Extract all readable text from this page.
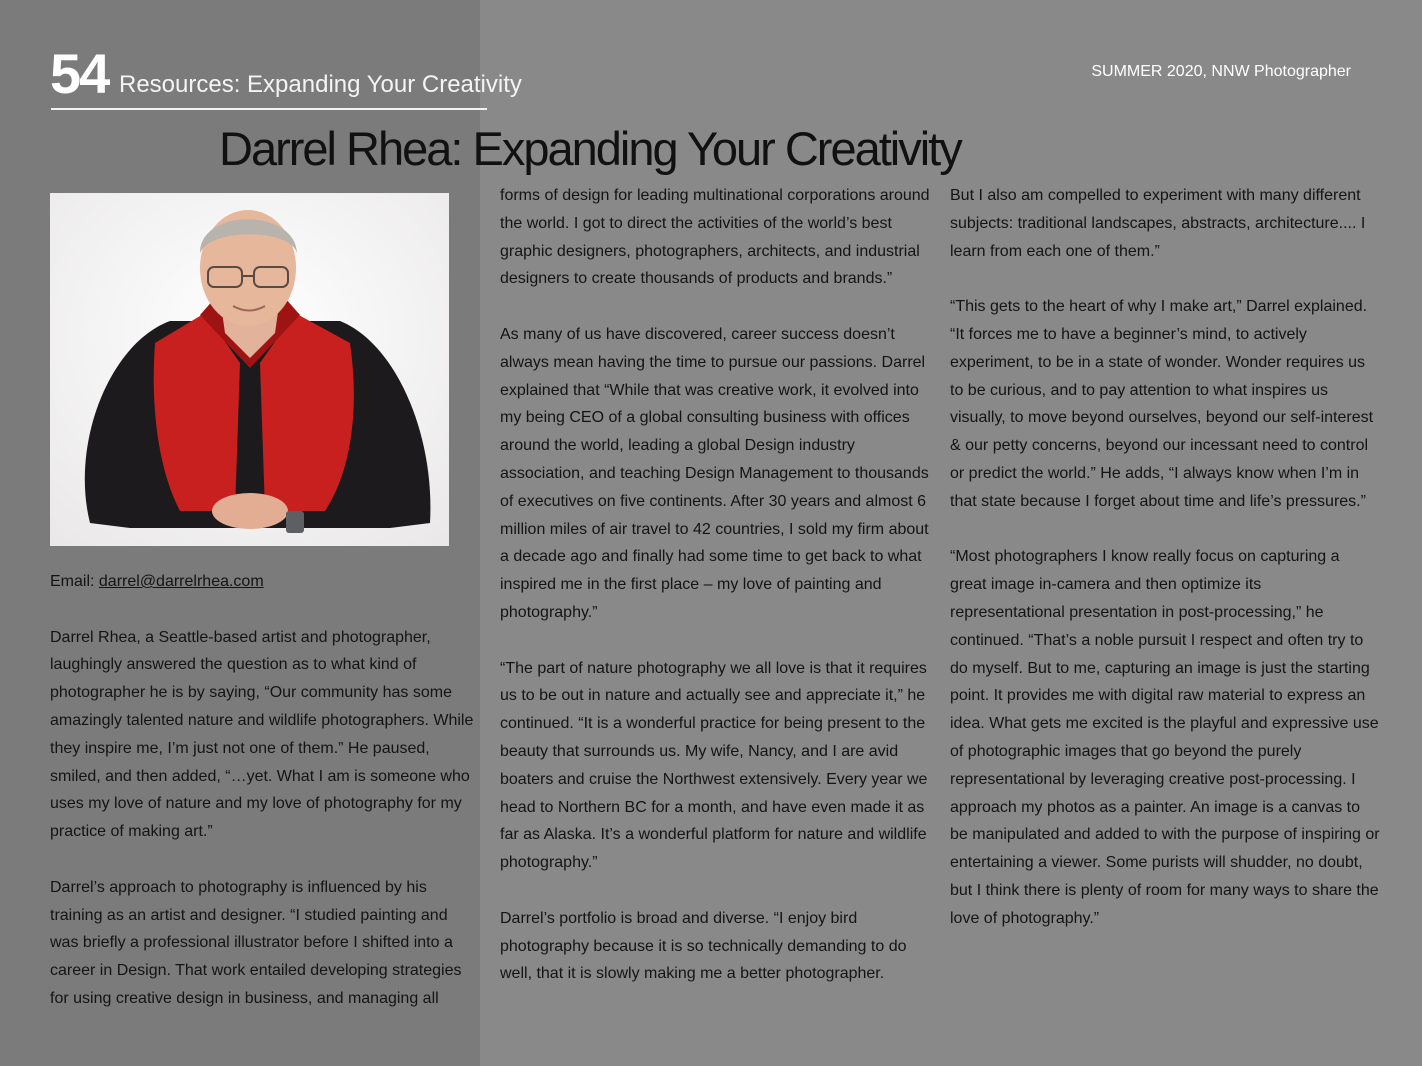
54 Resources: Expanding Your Creativity	SUMMER 2020, NNW Photographer
Darrel Rhea: Expanding Your Creativity

Email: darrel@darrelrhea.com

Darrel Rhea, a Seattle-based artist and photographer, laughingly answered the question as to what kind of photographer he is by saying, “Our community has some amazingly talented nature and wildlife photographers. While they inspire me, I’m just not one of them.” He paused, smiled, and then added, “…yet. What I am is someone who uses my love of nature and my love of photography for my practice of making art.”

Darrel’s approach to photography is influenced by his training as an artist and designer. “I studied painting and was briefly a professional illustrator before I shifted into a career in Design. That work entailed developing strategies for using creative design in business, and managing all

forms of design for leading multinational corporations around the world. I got to direct the activities of the world’s best graphic designers, photographers, architects, and industrial designers to create thousands of products and brands.”

As many of us have discovered, career success doesn’t always mean having the time to pursue our passions. Darrel explained that “While that was creative work, it evolved into my being CEO of a global consulting business with offices around the world, leading a global Design industry association, and teaching Design Management to thousands of executives on five continents. After 30 years and almost 6 million miles of air travel to 42 countries, I sold my firm about a decade ago and finally had some time to get back to what inspired me in the first place – my love of painting and photography.”

“The part of nature photography we all love is that it requires us to be out in nature and actually see and appreciate it,” he continued. “It is a wonderful practice for being present to the beauty that surrounds us. My wife, Nancy, and I are avid boaters and cruise the Northwest extensively. Every year we head to Northern BC for a month, and have even made it as far as Alaska. It’s a wonderful platform for nature and wildlife photography.”

Darrel’s portfolio is broad and diverse. “I enjoy bird photography because it is so technically demanding to do well, that it is slowly making me a better photographer.

But I also am compelled to experiment with many different subjects: traditional landscapes, abstracts, architecture.... I learn from each one of them.”

“This gets to the heart of why I make art,” Darrel explained. “It forces me to have a beginner’s mind, to actively experiment, to be in a state of wonder. Wonder requires us to be curious, and to pay attention to what inspires us visually, to move beyond ourselves, beyond our self-interest & our petty concerns, beyond our incessant need to control or predict the world.” He adds, “I always know when I’m in that state because I forget about time and life’s pressures.”

“Most photographers I know really focus on capturing a great image in-camera and then optimize its representational presentation in post-processing,” he continued. “That’s a noble pursuit I respect and often try to do myself. But to me, capturing an image is just the starting point. It provides me with digital raw material to express an idea. What gets me excited is the playful and expressive use of photographic images that go beyond the purely representational by leveraging creative post-processing. I approach my photos as a painter. An image is a canvas to be manipulated and added to with the purpose of inspiring or entertaining a viewer. Some purists will shudder, no doubt, but I think there is plenty of room for many ways to share the love of photography.”
